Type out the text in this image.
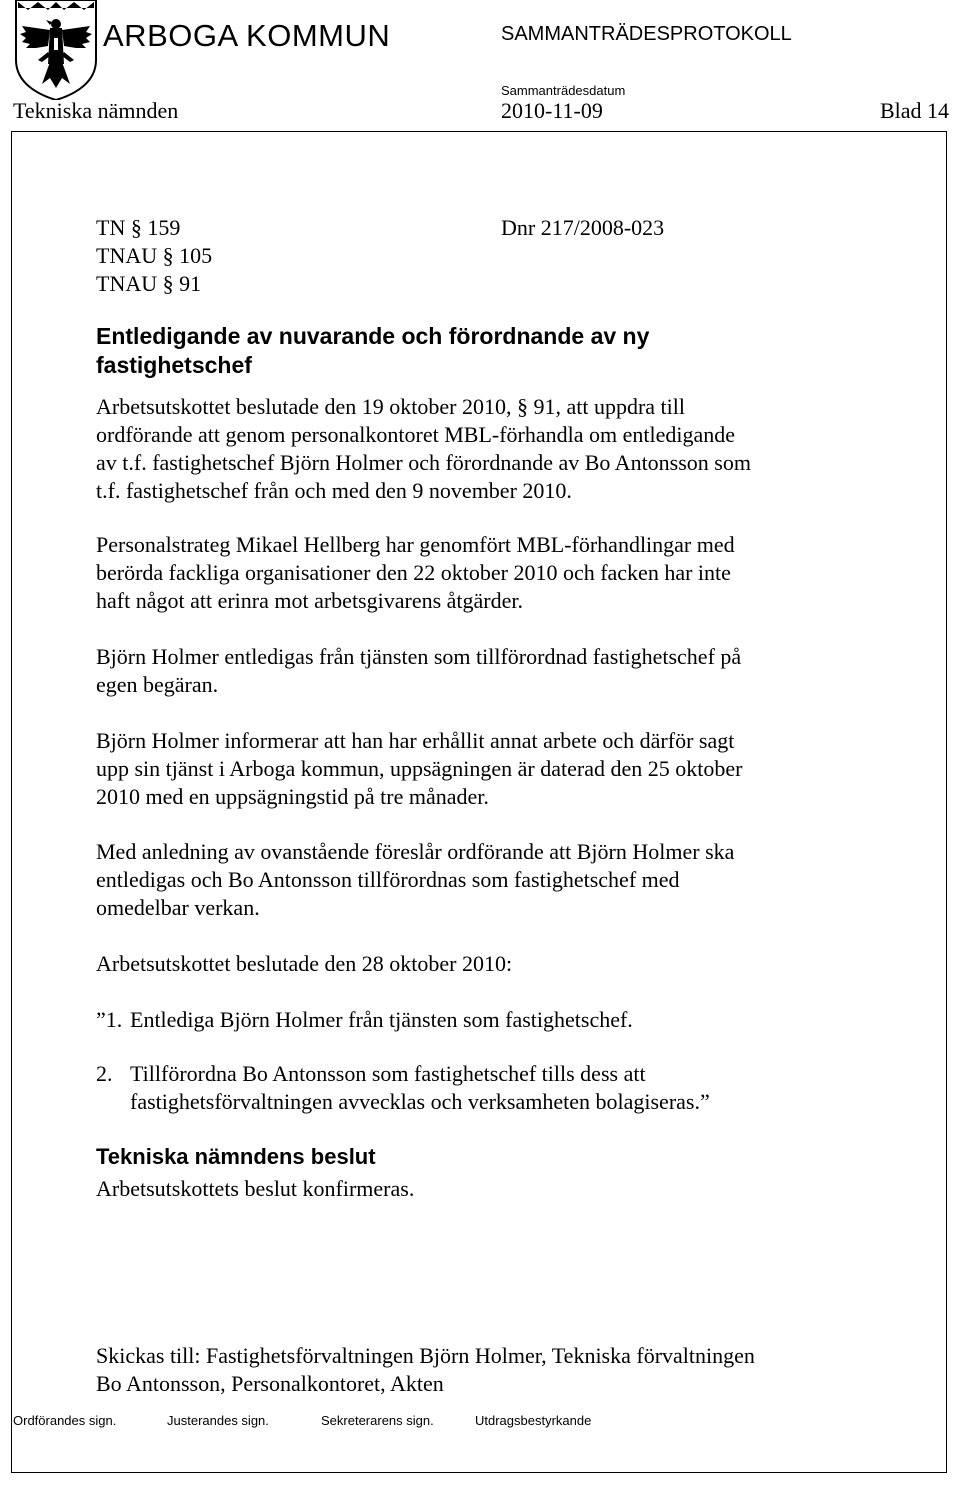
ARBOGA KOMMUN	SAMMANTRÄDESPROTOKOLL
Sammanträdesdatum
Tekniska nämnden	2010-11-09	Blad 14
TN § 159
TNAU § 105
TNAU § 91
Dnr 217/2008-023
Entledigande av nuvarande och förordnande av ny
fastighetschef
Arbetsutskottet beslutade den 19 oktober 2010, § 91, att uppdra till
ordförande att genom personalkontoret MBL-förhandla om entledigande
av t.f. fastighetschef Björn Holmer och förordnande av Bo Antonsson som
t.f. fastighetschef från och med den 9 november 2010.
Personalstrateg Mikael Hellberg har genomfört MBL-förhandlingar med
berörda fackliga organisationer den 22 oktober 2010 och facken har inte
haft något att erinra mot arbetsgivarens åtgärder.
Björn Holmer entledigas från tjänsten som tillförordnad fastighetschef på
egen begäran.
Björn Holmer informerar att han har erhållit annat arbete och därför sagt
upp sin tjänst i Arboga kommun, uppsägningen är daterad den 25 oktober
2010 med en uppsägningstid på tre månader.
Med anledning av ovanstående föreslår ordförande att Björn Holmer ska
entledigas och Bo Antonsson tillförordnas som fastighetschef med
omedelbar verkan.
Arbetsutskottet beslutade den 28 oktober 2010:
”1. Entlediga Björn Holmer från tjänsten som fastighetschef.
2. Tillförordna Bo Antonsson som fastighetschef tills dess att
fastighetsförvaltningen avvecklas och verksamheten bolagiseras.”
Tekniska nämndens beslut
Arbetsutskottets beslut konfirmeras.
Skickas till: Fastighetsförvaltningen Björn Holmer, Tekniska förvaltningen
Bo Antonsson, Personalkontoret, Akten
Ordförandes sign.	Justerandes sign.	Sekreterarens sign.	Utdragsbestyrkande
